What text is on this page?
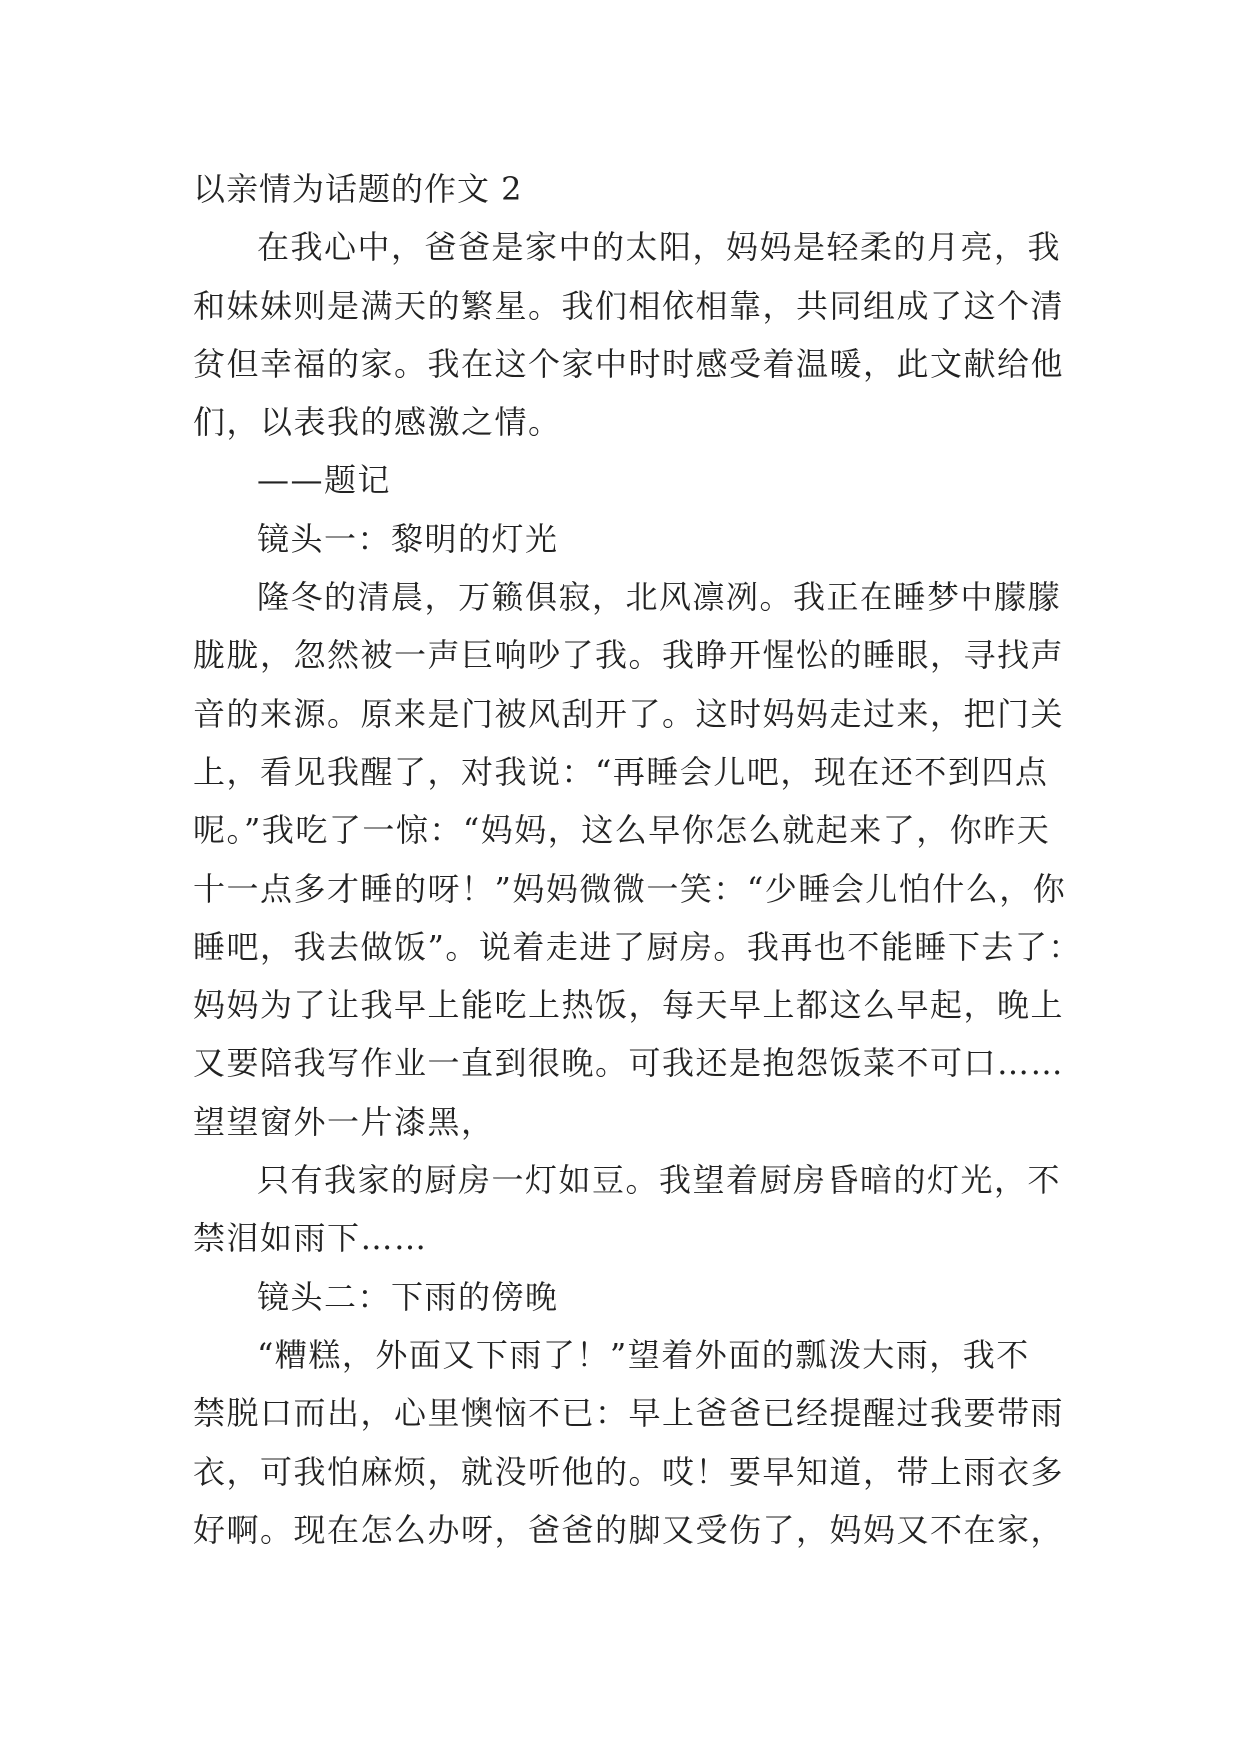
以亲情为话题的作文 2
在我心中，爸爸是家中的太阳，妈妈是轻柔的月亮，我
和妹妹则是满天的繁星。我们相依相靠，共同组成了这个清
贫但幸福的家。我在这个家中时时感受着温暖，此文献给他
们，以表我的感激之情。
——题记
镜头一：黎明的灯光
隆冬的清晨，万籁俱寂，北风凛冽。我正在睡梦中朦朦
胧胧，忽然被一声巨响吵了我。我睁开惺忪的睡眼，寻找声
音的来源。原来是门被风刮开了。这时妈妈走过来，把门关
上，看见我醒了，对我说：“再睡会儿吧，现在还不到四点
呢。”我吃了一惊：“妈妈，这么早你怎么就起来了，你昨天
十一点多才睡的呀！”妈妈微微一笑：“少睡会儿怕什么，你
睡吧，我去做饭”。说着走进了厨房。我再也不能睡下去了：
妈妈为了让我早上能吃上热饭，每天早上都这么早起，晚上
又要陪我写作业一直到很晚。可我还是抱怨饭菜不可口……
望望窗外一片漆黑，
只有我家的厨房一灯如豆。我望着厨房昏暗的灯光，不
禁泪如雨下……
镜头二：下雨的傍晚
“糟糕，外面又下雨了！”望着外面的瓢泼大雨，我不
禁脱口而出，心里懊恼不已：早上爸爸已经提醒过我要带雨
衣，可我怕麻烦，就没听他的。哎！要早知道，带上雨衣多
好啊。现在怎么办呀，爸爸的脚又受伤了，妈妈又不在家，
